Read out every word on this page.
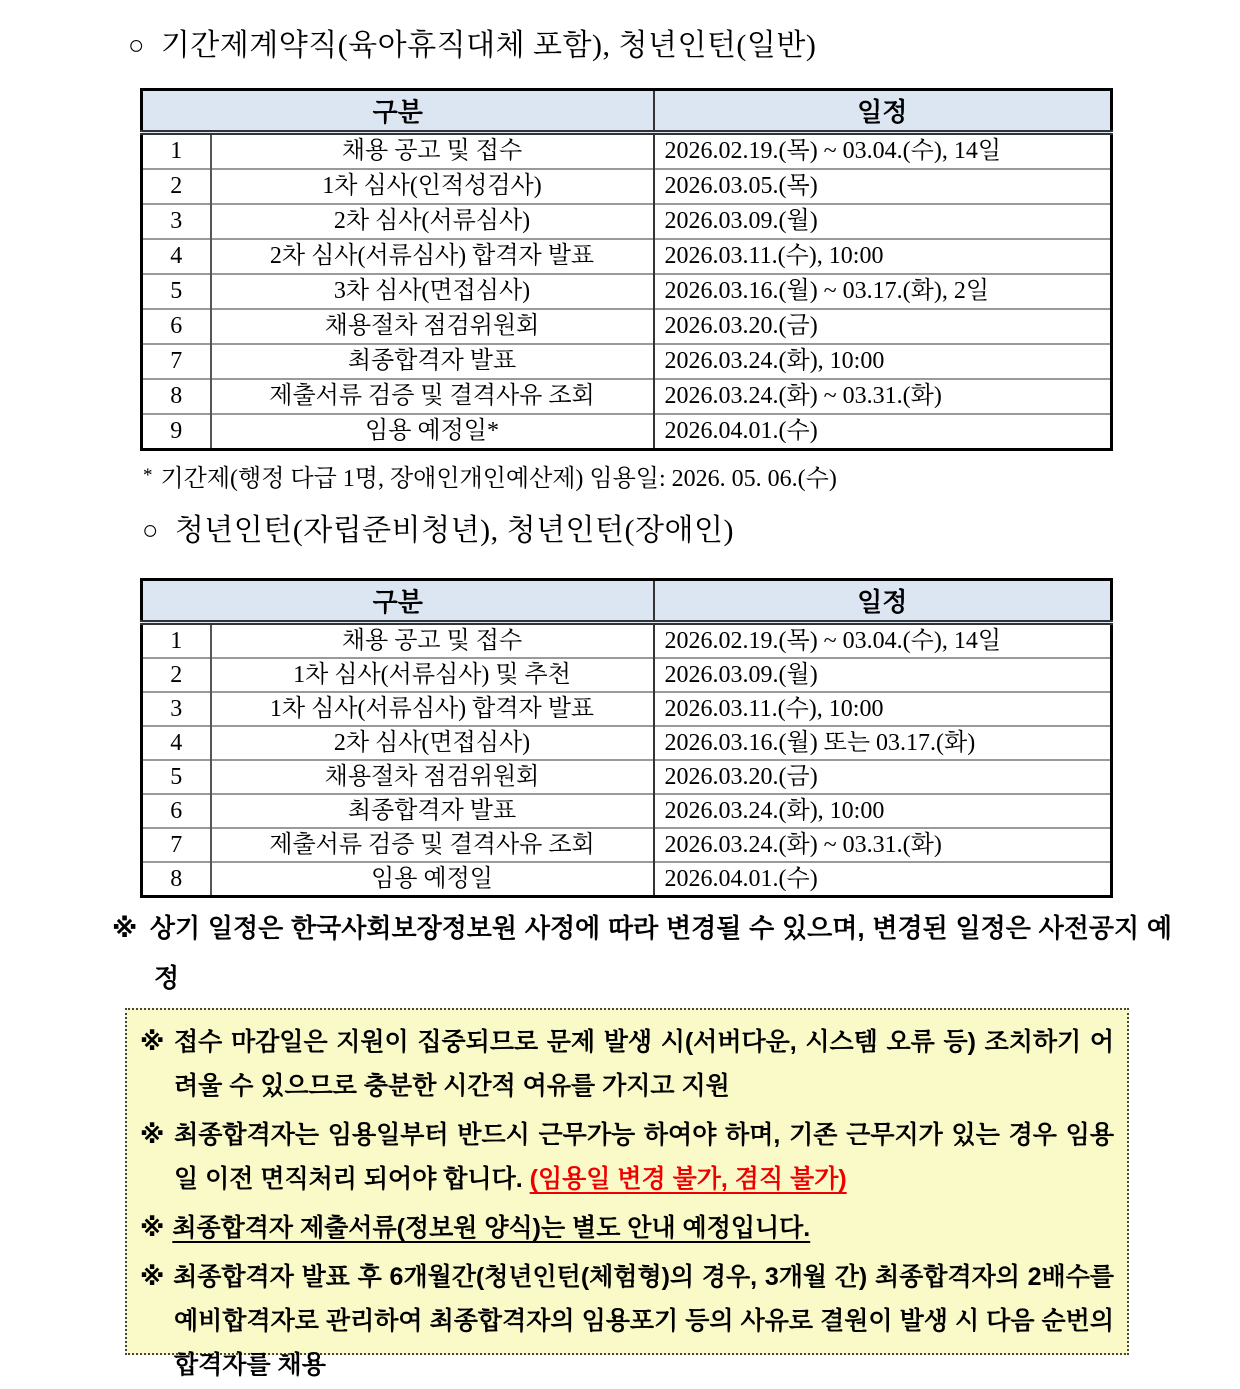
○ 기간제계약직(육아휴직대체 포함), 청년인턴(일반)
구분		일정
1	채용 공고 및 접수	2026.02.19.(목) ~ 03.04.(수), 14일
2	1차 심사(인적성검사)	2026.03.05.(목)
3	2차 심사(서류심사)	2026.03.09.(월)
4	2차 심사(서류심사) 합격자 발표	2026.03.11.(수), 10:00
5	3차 심사(면접심사)	2026.03.16.(월) ~ 03.17.(화), 2일
6	채용절차 점검위원회	2026.03.20.(금)
7	최종합격자 발표	2026.03.24.(화), 10:00
8	제출서류 검증 및 결격사유 조회	2026.03.24.(화) ~ 03.31.(화)
9	임용 예정일*	2026.04.01.(수)
* 기간제(행정 다급 1명, 장애인개인예산제) 임용일: 2026. 05. 06.(수)
○ 청년인턴(자립준비청년), 청년인턴(장애인)
구분		일정
1	채용 공고 및 접수	2026.02.19.(목) ~ 03.04.(수), 14일
2	1차 심사(서류심사) 및 추천	2026.03.09.(월)
3	1차 심사(서류심사) 합격자 발표	2026.03.11.(수), 10:00
4	2차 심사(면접심사)	2026.03.16.(월) 또는 03.17.(화)
5	채용절차 점검위원회	2026.03.20.(금)
6	최종합격자 발표	2026.03.24.(화), 10:00
7	제출서류 검증 및 결격사유 조회	2026.03.24.(화) ~ 03.31.(화)
8	임용 예정일	2026.04.01.(수)
※ 상기 일정은 한국사회보장정보원 사정에 따라 변경될 수 있으며, 변경된 일정은 사전공지 예정
※ 접수 마감일은 지원이 집중되므로 문제 발생 시(서버다운, 시스템 오류 등) 조치하기 어려울 수 있으므로 충분한 시간적 여유를 가지고 지원
※ 최종합격자는 임용일부터 반드시 근무가능 하여야 하며, 기존 근무지가 있는 경우 임용일 이전 면직처리 되어야 합니다. (임용일 변경 불가, 겸직 불가)
※ 최종합격자 제출서류(정보원 양식)는 별도 안내 예정입니다.
※ 최종합격자 발표 후 6개월간(청년인턴(체험형)의 경우, 3개월 간) 최종합격자의 2배수를 예비합격자로 관리하여 최종합격자의 임용포기 등의 사유로 결원이 발생 시 다음 순번의 합격자를 채용
